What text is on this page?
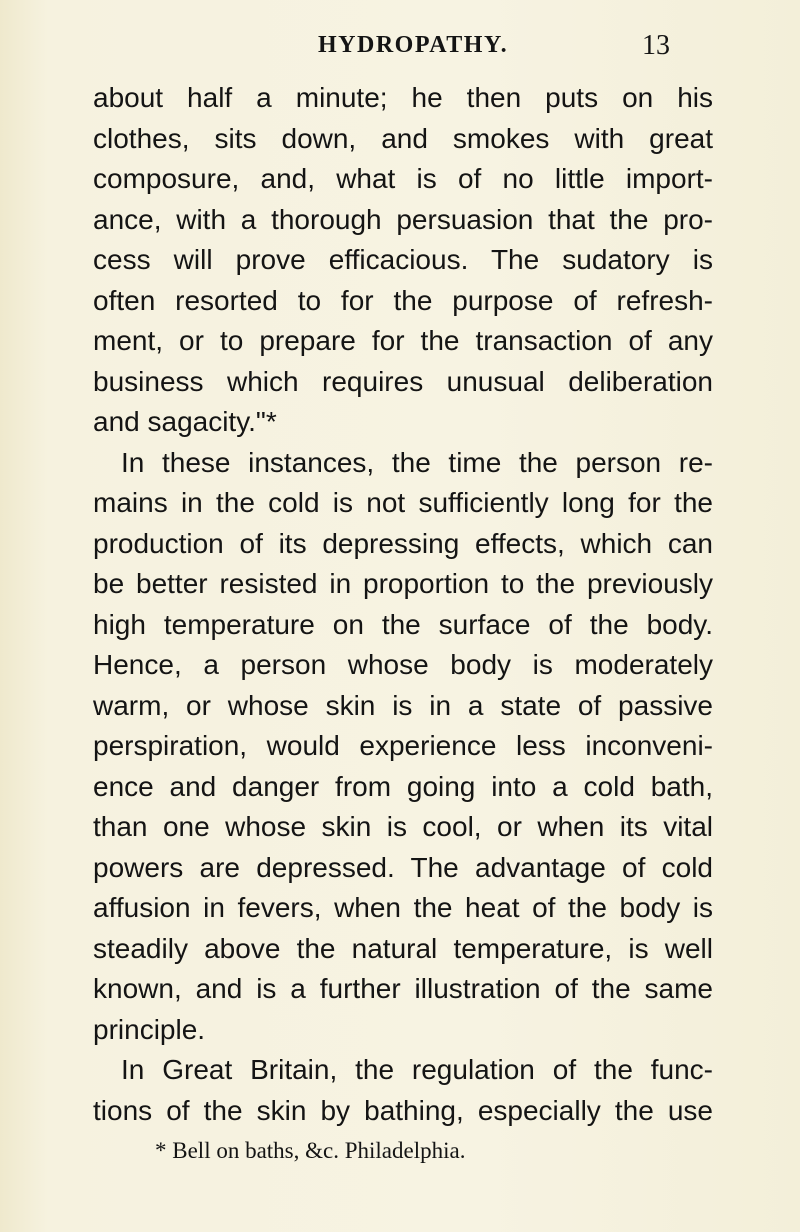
HYDROPATHY.	13
about half a minute; he then puts on his
clothes, sits down, and smokes with great
composure, and, what is of no little import-
ance, with a thorough persuasion that the pro-
cess will prove efficacious. The sudatory is
often resorted to for the purpose of refresh-
ment, or to prepare for the transaction of any
business which requires unusual deliberation
and sagacity."*
In these instances, the time the person re-
mains in the cold is not sufficiently long for the
production of its depressing effects, which can
be better resisted in proportion to the previously
high temperature on the surface of the body.
Hence, a person whose body is moderately
warm, or whose skin is in a state of passive
perspiration, would experience less inconveni-
ence and danger from going into a cold bath,
than one whose skin is cool, or when its vital
powers are depressed. The advantage of cold
affusion in fevers, when the heat of the body is
steadily above the natural temperature, is well
known, and is a further illustration of the same
principle.
In Great Britain, the regulation of the func-
tions of the skin by bathing, especially the use
* Bell on baths, &c. Philadelphia.
